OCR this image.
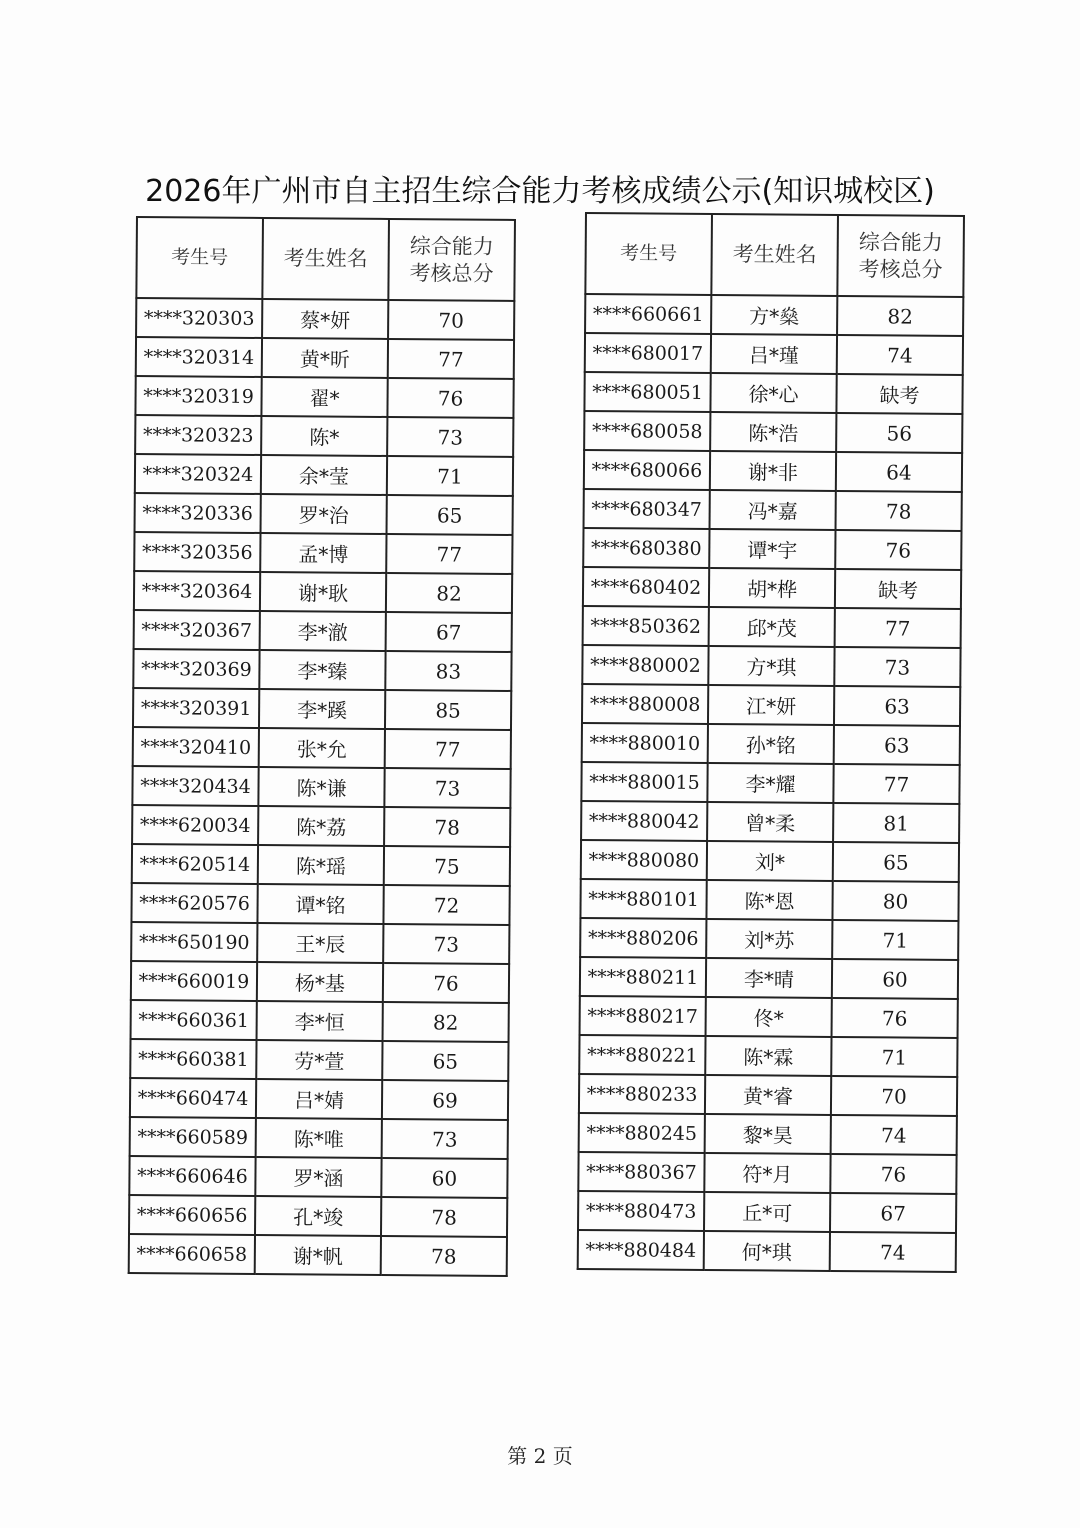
2026年广州市自主招生综合能力考核成绩公示(知识城校区)
考生号	考生姓名	综合能力
考核总分
****320303	蔡*妍	70
****320314	黄*昕	77
****320319	翟*	76
****320323	陈*	73
****320324	余*莹	71
****320336	罗*治	65
****320356	孟*博	77
****320364	谢*耿	82
****320367	李*澈	67
****320369	李*臻	83
****320391	李*蹊	85
****320410	张*允	77
****320434	陈*谦	73
****620034	陈*荔	78
****620514	陈*瑶	75
****620576	谭*铭	72
****650190	王*辰	73
****660019	杨*基	76
****660361	李*恒	82
****660381	劳*萱	65
****660474	吕*婧	69
****660589	陈*唯	73
****660646	罗*涵	60
****660656	孔*竣	78
****660658	谢*帆	78
考生号	考生姓名	综合能力
考核总分
****660661	方*燊	82
****680017	吕*瑾	74
****680051	徐*心	缺考
****680058	陈*浩	56
****680066	谢*非	64
****680347	冯*嘉	78
****680380	谭*宇	76
****680402	胡*桦	缺考
****850362	邱*茂	77
****880002	方*琪	73
****880008	江*妍	63
****880010	孙*铭	63
****880015	李*耀	77
****880042	曾*柔	81
****880080	刘*	65
****880101	陈*恩	80
****880206	刘*苏	71
****880211	李*晴	60
****880217	佟*	76
****880221	陈*霖	71
****880233	黄*睿	70
****880245	黎*昊	74
****880367	符*月	76
****880473	丘*可	67
****880484	何*琪	74
第 2 页
